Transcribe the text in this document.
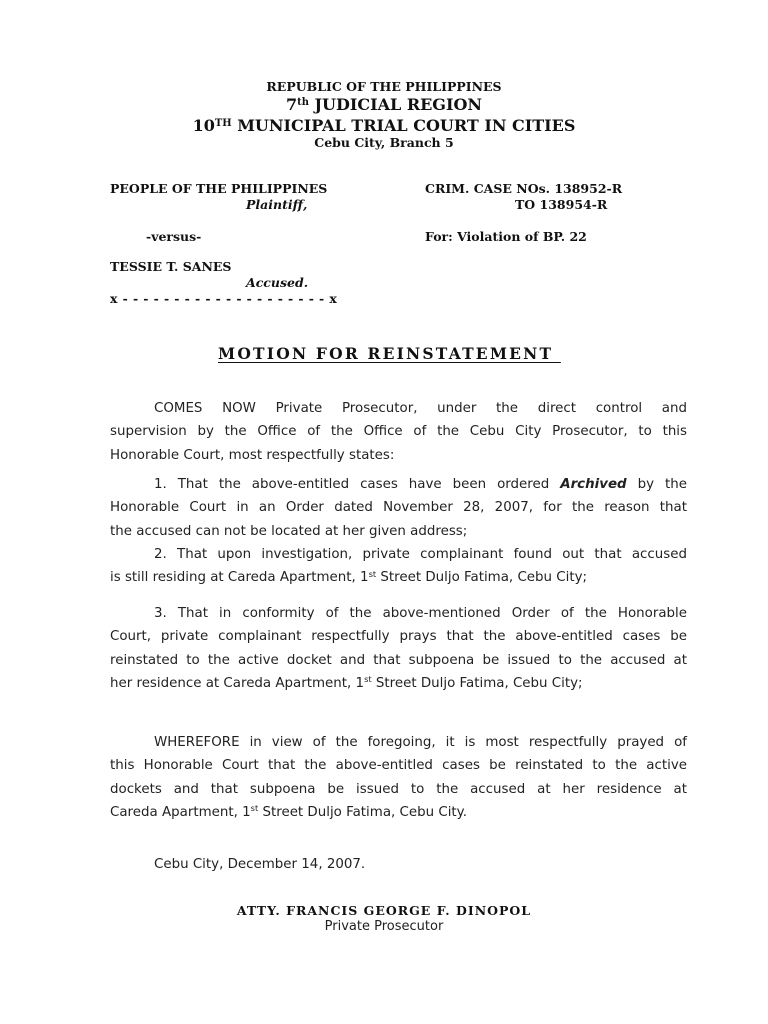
REPUBLIC OF THE PHILIPPINES
7th JUDICIAL REGION
10TH MUNICIPAL TRIAL COURT IN CITIES
Cebu City, Branch 5
PEOPLE OF THE PHILIPPINES
Plaintiff,
-versus-
TESSIE T. SANES
Accused.
x - - - - - - - - - - - - - - - - - - - - x
CRIM. CASE NOs. 138952-R
TO 138954-R
For: Violation of BP. 22
MOTION FOR REINSTATEMENT

COMES NOW Private Prosecutor, under the direct control and
supervision by the Office of the Office of the Cebu City Prosecutor, to this
Honorable Court, most respectfully states:

1. That the above-entitled cases have been ordered Archived by the
Honorable Court in an Order dated November 28, 2007, for the reason that
the accused can not be located at her given address;

2. That upon investigation, private complainant found out that accused
is still residing at Careda Apartment, 1st Street Duljo Fatima, Cebu City;

3. That in conformity of the above-mentioned Order of the Honorable
Court, private complainant respectfully prays that the above-entitled cases be
reinstated to the active docket and that subpoena be issued to the accused at
her residence at Careda Apartment, 1st Street Duljo Fatima, Cebu City;

WHEREFORE in view of the foregoing, it is most respectfully prayed of
this Honorable Court that the above-entitled cases be reinstated to the active
dockets and that subpoena be issued to the accused at her residence at
Careda Apartment, 1st Street Duljo Fatima, Cebu City.

Cebu City, December 14, 2007.

ATTY. FRANCIS GEORGE F. DINOPOL
Private Prosecutor
